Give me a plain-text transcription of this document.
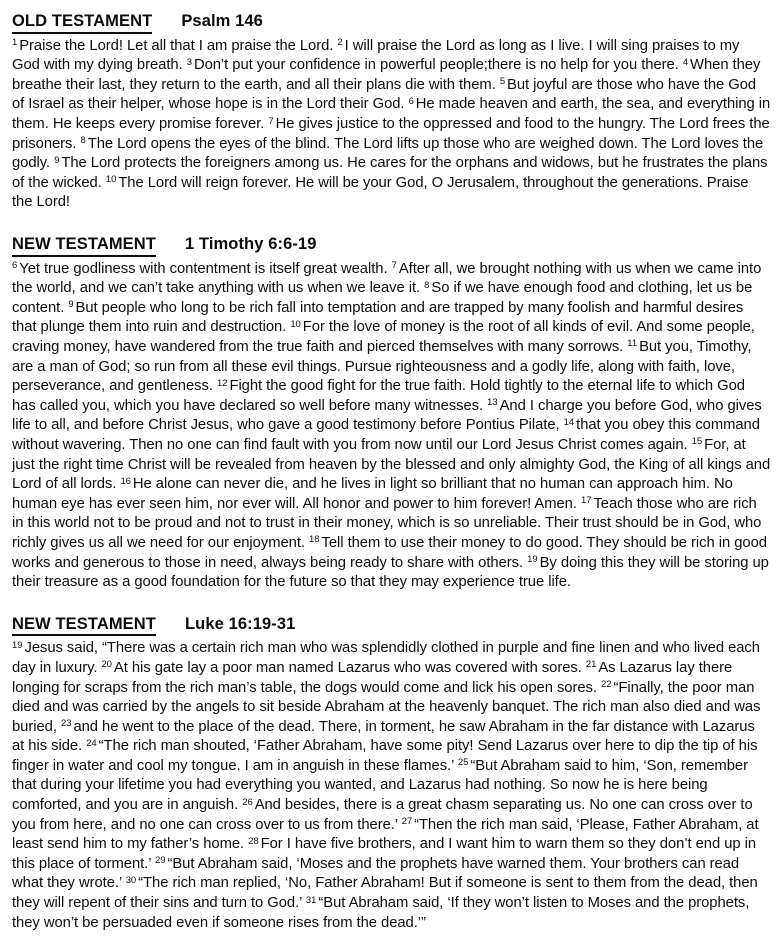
OLD TESTAMENT Psalm 146

$^1$ Praise the Lord! Let all that I am praise the Lord. $^2$ I will praise the Lord as long as I live. I will sing praises to my God with my dying breath. $^3$ Don’t put your confidence in powerful people;there is no help for you there. $^4$ When they breathe their last, they return to the earth, and all their plans die with them. $^5$ But joyful are those who have the God of Israel as their helper, whose hope is in the Lord their God. $^6$ He made heaven and earth, the sea, and everything in them. He keeps every promise forever. $^7$ He gives justice to the oppressed and food to the hungry. The Lord frees the prisoners. $^8$ The Lord opens the eyes of the blind. The Lord lifts up those who are weighed down. The Lord loves the godly. $^9$ The Lord protects the foreigners among us. He cares for the orphans and widows, but he frustrates the plans of the wicked. $^{10}$ The Lord will reign forever. He will be your God, O Jerusalem, throughout the generations. Praise the Lord!

NEW TESTAMENT 1 Timothy 6:6-19

$^6$ Yet true godliness with contentment is itself great wealth. $^7$ After all, we brought nothing with us when we came into the world, and we can’t take anything with us when we leave it. $^8$ So if we have enough food and clothing, let us be content. $^9$ But people who long to be rich fall into temptation and are trapped by many foolish and harmful desires that plunge them into ruin and destruction. $^{10}$ For the love of money is the root of all kinds of evil. And some people, craving money, have wandered from the true faith and pierced themselves with many sorrows. $^{11}$ But you, Timothy, are a man of God; so run from all these evil things. Pursue righteousness and a godly life, along with faith, love, perseverance, and gentleness. $^{12}$ Fight the good fight for the true faith. Hold tightly to the eternal life to which God has called you, which you have declared so well before many witnesses. $^{13}$ And I charge you before God, who gives life to all, and before Christ Jesus, who gave a good testimony before Pontius Pilate, $^{14}$ that you obey this command without wavering. Then no one can find fault with you from now until our Lord Jesus Christ comes again. $^{15}$ For, at just the right time Christ will be revealed from heaven by the blessed and only almighty God, the King of all kings and Lord of all lords. $^{16}$ He alone can never die, and he lives in light so brilliant that no human can approach him. No human eye has ever seen him, nor ever will. All honor and power to him forever! Amen. $^{17}$ Teach those who are rich in this world not to be proud and not to trust in their money, which is so unreliable. Their trust should be in God, who richly gives us all we need for our enjoyment. $^{18}$ Tell them to use their money to do good. They should be rich in good works and generous to those in need, always being ready to share with others. $^{19}$ By doing this they will be storing up their treasure as a good foundation for the future so that they may experience true life.

NEW TESTAMENT Luke 16:19-31

$^{19}$ Jesus said, “There was a certain rich man who was splendidly clothed in purple and fine linen and who lived each day in luxury. $^{20}$ At his gate lay a poor man named Lazarus who was covered with sores. $^{21}$ As Lazarus lay there longing for scraps from the rich man’s table, the dogs would come and lick his open sores. $^{22}$ “Finally, the poor man died and was carried by the angels to sit beside Abraham at the heavenly banquet. The rich man also died and was buried, $^{23}$ and he went to the place of the dead. There, in torment, he saw Abraham in the far distance with Lazarus at his side. $^{24}$ “The rich man shouted, ‘Father Abraham, have some pity! Send Lazarus over here to dip the tip of his finger in water and cool my tongue. I am in anguish in these flames.’ $^{25}$ “But Abraham said to him, ‘Son, remember that during your lifetime you had everything you wanted, and Lazarus had nothing. So now he is here being comforted, and you are in anguish. $^{26}$ And besides, there is a great chasm separating us. No one can cross over to you from here, and no one can cross over to us from there.’ $^{27}$ “Then the rich man said, ‘Please, Father Abraham, at least send him to my father’s home. $^{28}$ For I have five brothers, and I want him to warn them so they don’t end up in this place of torment.’ $^{29}$ “But Abraham said, ‘Moses and the prophets have warned them. Your brothers can read what they wrote.’ $^{30}$ “The rich man replied, ‘No, Father Abraham! But if someone is sent to them from the dead, then they will repent of their sins and turn to God.’ $^{31}$ “But Abraham said, ‘If they won’t listen to Moses and the prophets, they won’t be persuaded even if someone rises from the dead.’”
